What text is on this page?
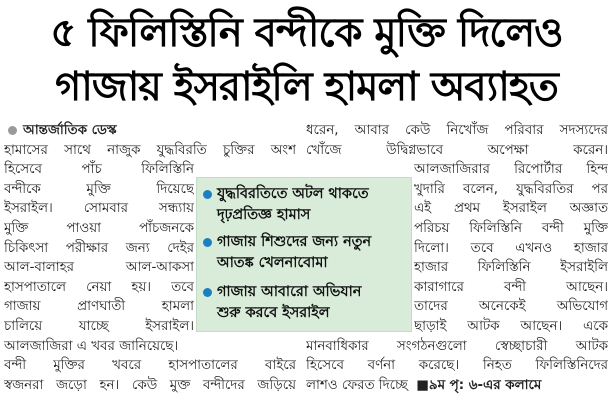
৫ ফিলিস্তিনি বন্দীকে মুক্তি দিলেও
গাজায় ইসরাইলি হামলা অব্যাহত

আন্তর্জাতিক ডেস্ক

হামাসের সাথে নাজুক যুদ্ধবিরতি চুক্তির অংশ

হিসেবে পাঁচ ফিলিস্তিনি

বন্দীকে মুক্তি দিয়েছে

ইসরাইল। সোমবার সন্ধ্যায়

মুক্তি পাওয়া পাঁচজনকে

চিকিৎসা পরীক্ষার জন্য দেইর

আল-বালাহর আল-আকসা

হাসপাতালে নেয়া হয়। তবে

গাজায় প্রাণঘাতী হামলা

চালিয়ে যাচ্ছে ইসরাইল।

আলজাজিরা এ খবর জানিয়েছে।

বন্দী মুক্তির খবরে হাসপাতালের বাইরে

স্বজনরা জড়ো হন। কেউ মুক্ত বন্দীদের জড়িয়ে

যুদ্ধবিরতিতে অটল থাকতে
দৃঢ়প্রতিজ্ঞ হামাস
গাজায় শিশুদের জন্য নতুন
আতঙ্ক খেলনাবোমা
গাজায় আবারো অভিযান
শুরু করবে ইসরাইল

ধরেন, আবার কেউ নিখোঁজ পরিবার সদস্যদের

খোঁজে উদ্বিগ্নভাবে অপেক্ষা করেন।

আলজাজিরার রিপোর্টার হিন্দ

খুদারি বলেন, যুদ্ধবিরতির পর

এই প্রথম ইসরাইল অজ্ঞাত

পরিচয় ফিলিস্তিনি বন্দী মুক্তি

দিলো। তবে এখনও হাজার

হাজার ফিলিস্তিনি ইসরাইলি

কারাগারে বন্দী আছেন।

তাদের অনেকেই অভিযোগ

ছাড়াই আটক আছেন। একে

মানবাধিকার সংগঠনগুলো স্বেচ্ছাচারী আটক

হিসেবে বর্ণনা করেছে। নিহত ফিলিস্তিনিদের

লাশও ফেরত দিচ্ছে ■৯ম পৃ: ৬-এর কলামে
